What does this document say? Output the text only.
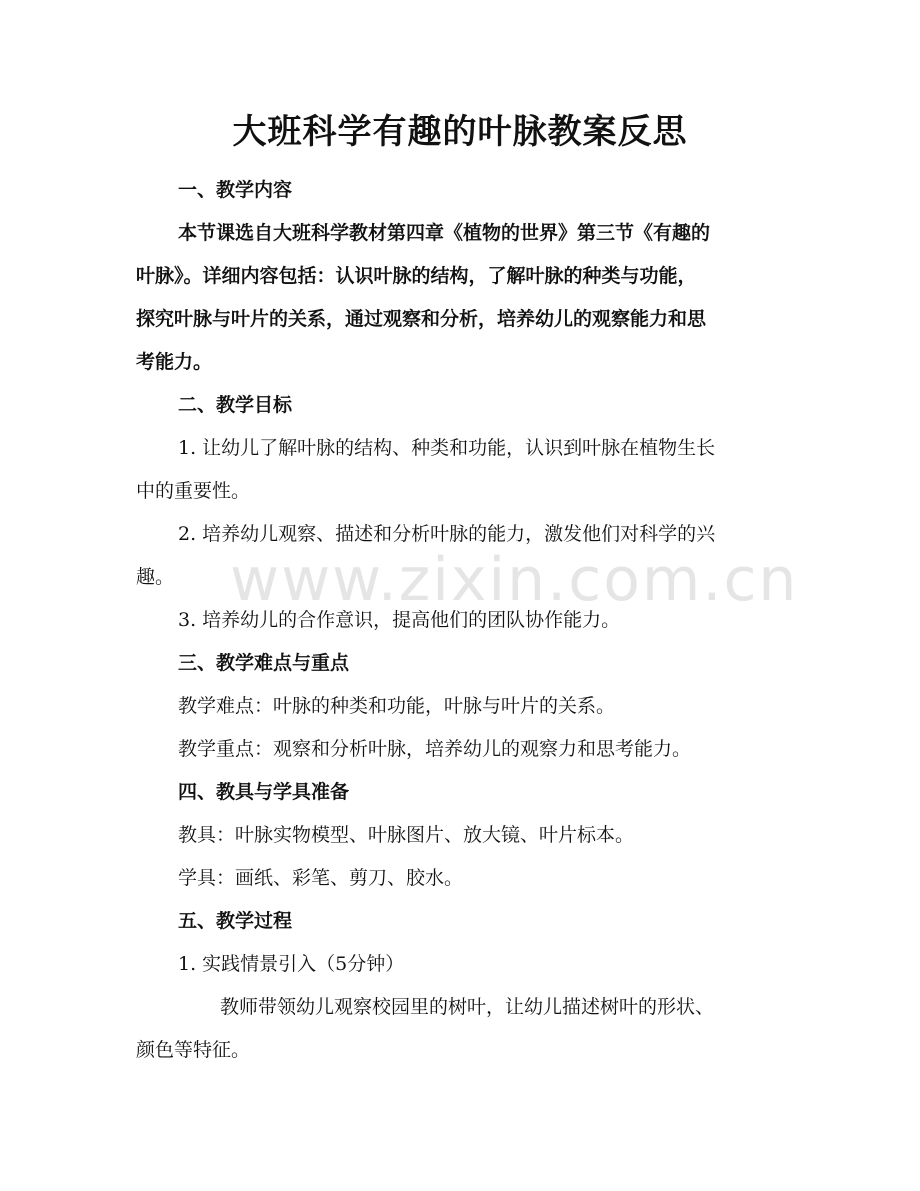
大班科学有趣的叶脉教案反思

一、教学内容

本节课选自大班科学教材第四章《植物的世界》第三节《有趣的

叶脉》。详细内容包括：认识叶脉的结构，了解叶脉的种类与功能，

探究叶脉与叶片的关系，通过观察和分析，培养幼儿的观察能力和思

考能力。

二、教学目标

1. 让幼儿了解叶脉的结构、种类和功能，认识到叶脉在植物生长

中的重要性。

2. 培养幼儿观察、描述和分析叶脉的能力，激发他们对科学的兴

趣。

3. 培养幼儿的合作意识，提高他们的团队协作能力。

三、教学难点与重点

教学难点：叶脉的种类和功能，叶脉与叶片的关系。

教学重点：观察和分析叶脉，培养幼儿的观察力和思考能力。

四、教具与学具准备

教具：叶脉实物模型、叶脉图片、放大镜、叶片标本。

学具：画纸、彩笔、剪刀、胶水。

五、教学过程

1. 实践情景引入（5分钟）

教师带领幼儿观察校园里的树叶，让幼儿描述树叶的形状、

颜色等特征。

www.zixin.com.cn
